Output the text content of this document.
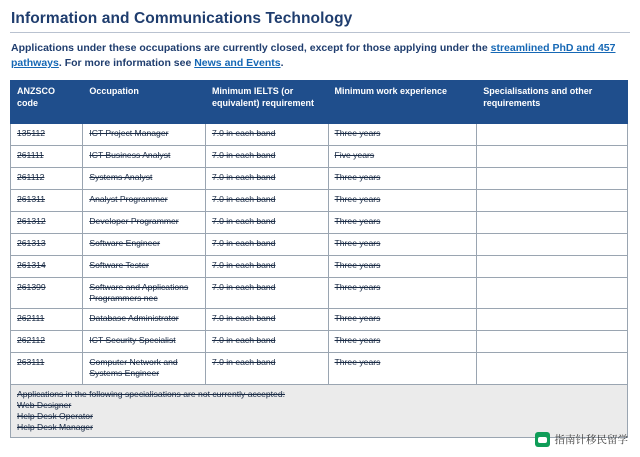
Information and Communications Technology

Applications under these occupations are currently closed, except for those applying under the streamlined PhD and 457 pathways. For more information see News and Events.

ANZSCO code	Occupation	Minimum IELTS (or equivalent) requirement	Minimum work experience	Specialisations and other requirements
135112	ICT Project Manager	7.0 in each band	Three years	
261111	ICT Business Analyst	7.0 in each band	Five years	
261112	Systems Analyst	7.0 in each band	Three years	
261311	Analyst Programmer	7.0 in each band	Three years	
261312	Developer Programmer	7.0 in each band	Three years	
261313	Software Engineer	7.0 in each band	Three years	
261314	Software Tester	7.0 in each band	Three years	
261399	Software and Applications Programmers nec	7.0 in each band	Three years	
262111	Database Administrator	7.0 in each band	Three years	
262112	ICT Security Specialist	7.0 in each band	Three years	
263111	Computer Network and Systems Engineer	7.0 in each band	Three years	

Applications in the following specialisations are not currently accepted:
Web Designer
Help Desk Operator
Help Desk Manager				
指南针移民留学
